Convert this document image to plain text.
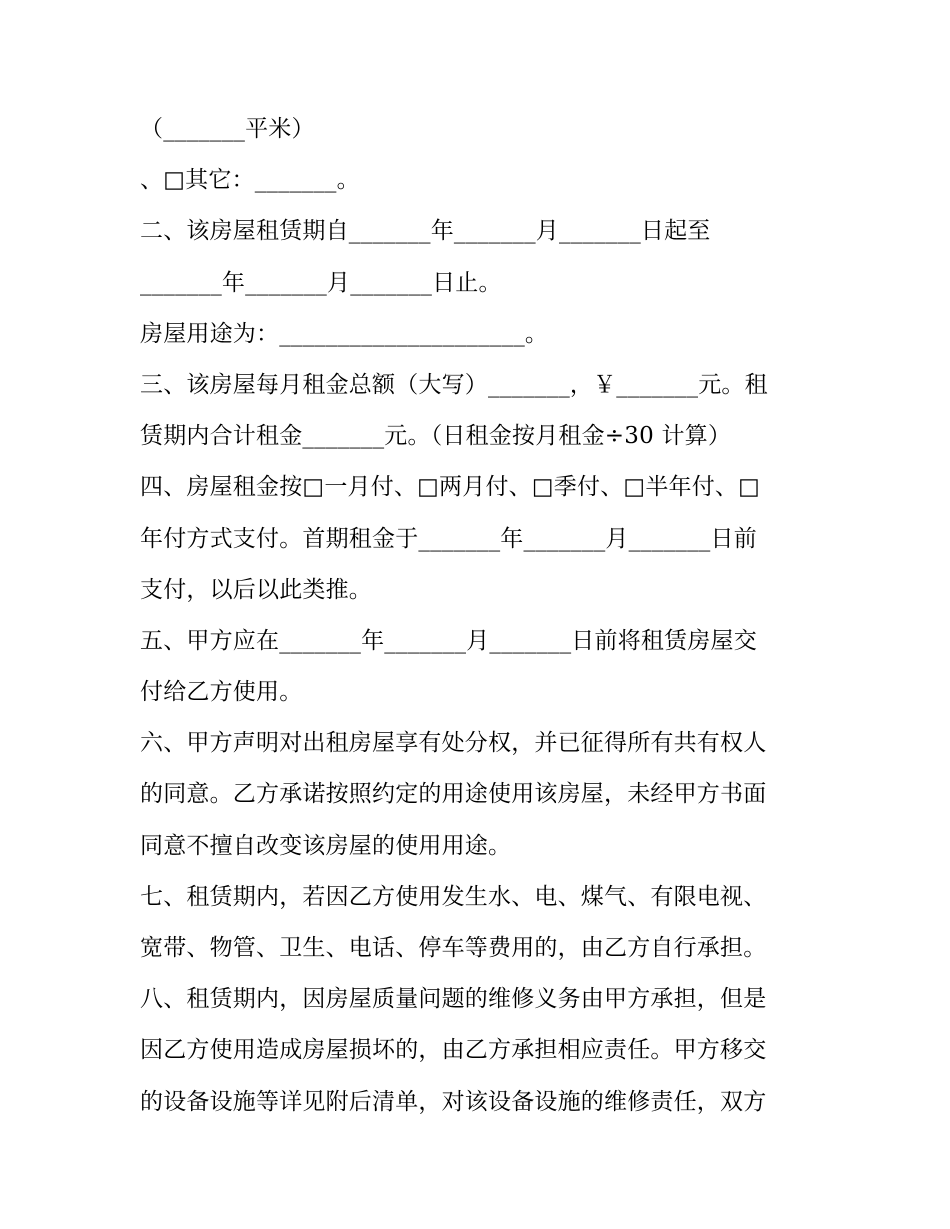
（_______平米）
、□其它：_______。
二、该房屋租赁期自_______年_______月_______日起至
_______年_______月_______日止。
房屋用途为：_____________________。
三、该房屋每月租金总额（大写）_______，￥_______元。租
赁期内合计租金_______元。（日租金按月租金÷30 计算）
四、房屋租金按□一月付、□两月付、□季付、□半年付、□
年付方式支付。首期租金于_______年_______月_______日前
支付，以后以此类推。
五、甲方应在_______年_______月_______日前将租赁房屋交
付给乙方使用。
六、甲方声明对出租房屋享有处分权，并已征得所有共有权人
的同意。乙方承诺按照约定的用途使用该房屋，未经甲方书面
同意不擅自改变该房屋的使用用途。
七、租赁期内，若因乙方使用发生水、电、煤气、有限电视、
宽带、物管、卫生、电话、停车等费用的，由乙方自行承担。
八、租赁期内，因房屋质量问题的维修义务由甲方承担，但是
因乙方使用造成房屋损坏的，由乙方承担相应责任。甲方移交
的设备设施等详见附后清单，对该设备设施的维修责任，双方
